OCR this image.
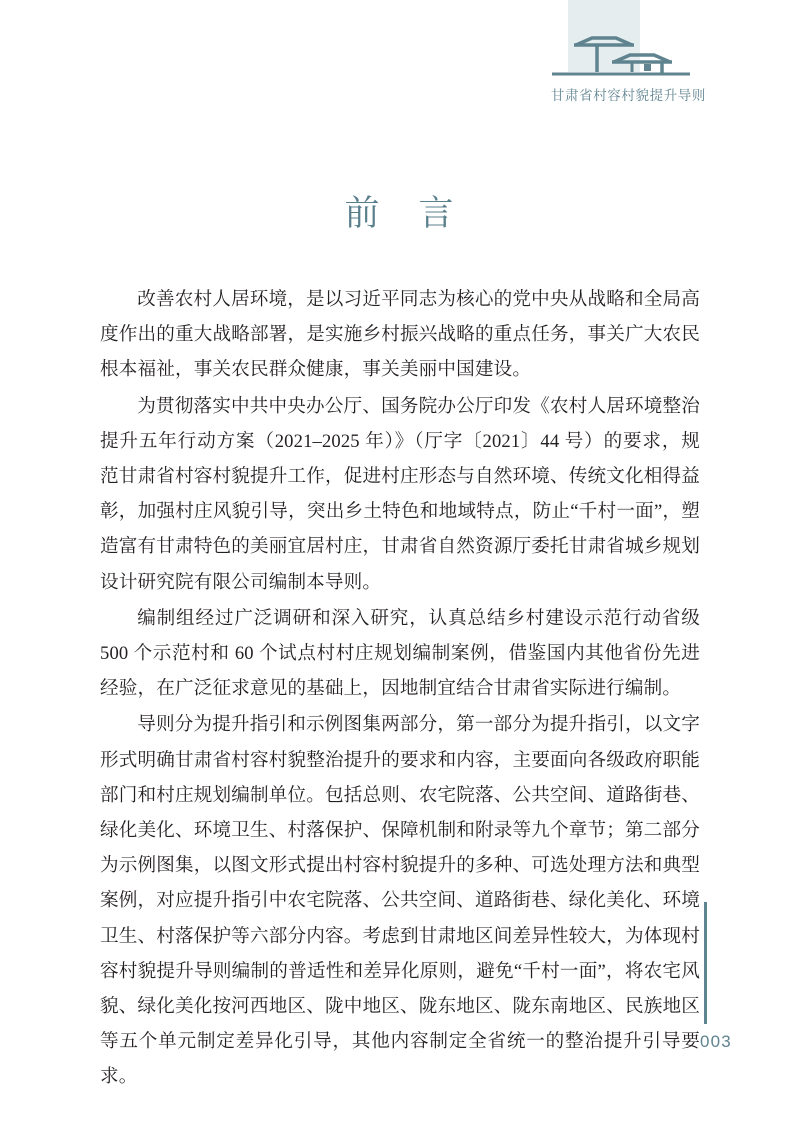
甘肃省村容村貌提升导则
前　言

改善农村人居环境，是以习近平同志为核心的党中央从战略和全局高度作出的重大战略部署，是实施乡村振兴战略的重点任务，事关广大农民根本福祉，事关农民群众健康，事关美丽中国建设。

为贯彻落实中共中央办公厅、国务院办公厅印发《农村人居环境整治提升五年行动方案（2021–2025 年）》（厅字〔2021〕44 号）的要求，规范甘肃省村容村貌提升工作，促进村庄形态与自然环境、传统文化相得益彰，加强村庄风貌引导，突出乡土特色和地域特点，防止“千村一面”，塑造富有甘肃特色的美丽宜居村庄，甘肃省自然资源厅委托甘肃省城乡规划设计研究院有限公司编制本导则。

编制组经过广泛调研和深入研究，认真总结乡村建设示范行动省级 500 个示范村和 60 个试点村村庄规划编制案例，借鉴国内其他省份先进经验，在广泛征求意见的基础上，因地制宜结合甘肃省实际进行编制。

导则分为提升指引和示例图集两部分，第一部分为提升指引，以文字形式明确甘肃省村容村貌整治提升的要求和内容，主要面向各级政府职能部门和村庄规划编制单位。包括总则、农宅院落、公共空间、道路街巷、绿化美化、环境卫生、村落保护、保障机制和附录等九个章节；第二部分为示例图集，以图文形式提出村容村貌提升的多种、可选处理方法和典型案例，对应提升指引中农宅院落、公共空间、道路街巷、绿化美化、环境卫生、村落保护等六部分内容。考虑到甘肃地区间差异性较大，为体现村容村貌提升导则编制的普适性和差异化原则，避免“千村一面”，将农宅风貌、绿化美化按河西地区、陇中地区、陇东地区、陇东南地区、民族地区等五个单元制定差异化引导，其他内容制定全省统一的整治提升引导要求。

003
